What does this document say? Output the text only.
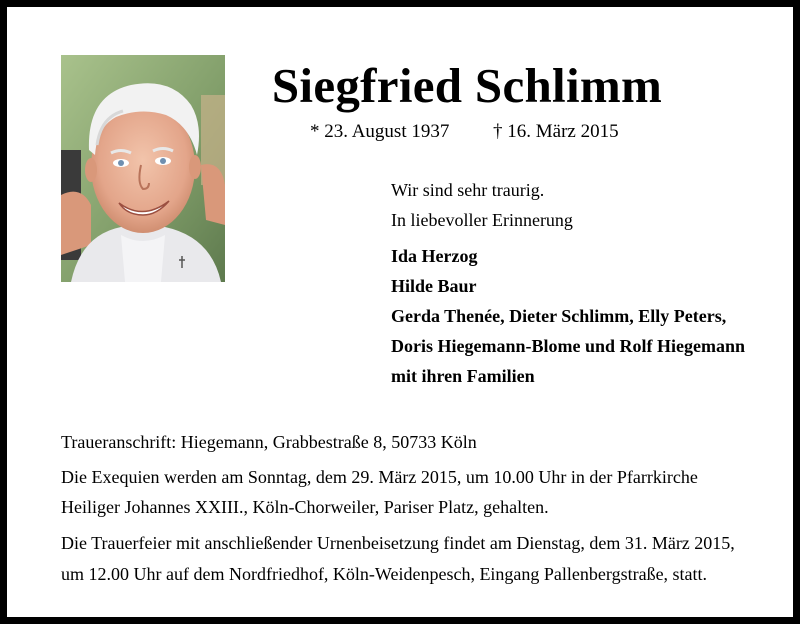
Siegfried Schlimm
* 23. August 1937 † 16. März 2015
Wir sind sehr traurig.
In liebevoller Erinnerung
Ida Herzog
Hilde Baur
Gerda Thenée, Dieter Schlimm, Elly Peters,
Doris Hiegemann-Blome und Rolf Hiegemann
mit ihren Familien
Traueranschrift: Hiegemann, Grabbestraße 8, 50733 Köln
Die Exequien werden am Sonntag, dem 29. März 2015, um 10.00 Uhr in der Pfarrkirche
Heiliger Johannes XXIII., Köln-Chorweiler, Pariser Platz, gehalten.
Die Trauerfeier mit anschließender Urnenbeisetzung findet am Dienstag, dem 31. März 2015,
um 12.00 Uhr auf dem Nordfriedhof, Köln-Weidenpesch, Eingang Pallenbergstraße, statt.
